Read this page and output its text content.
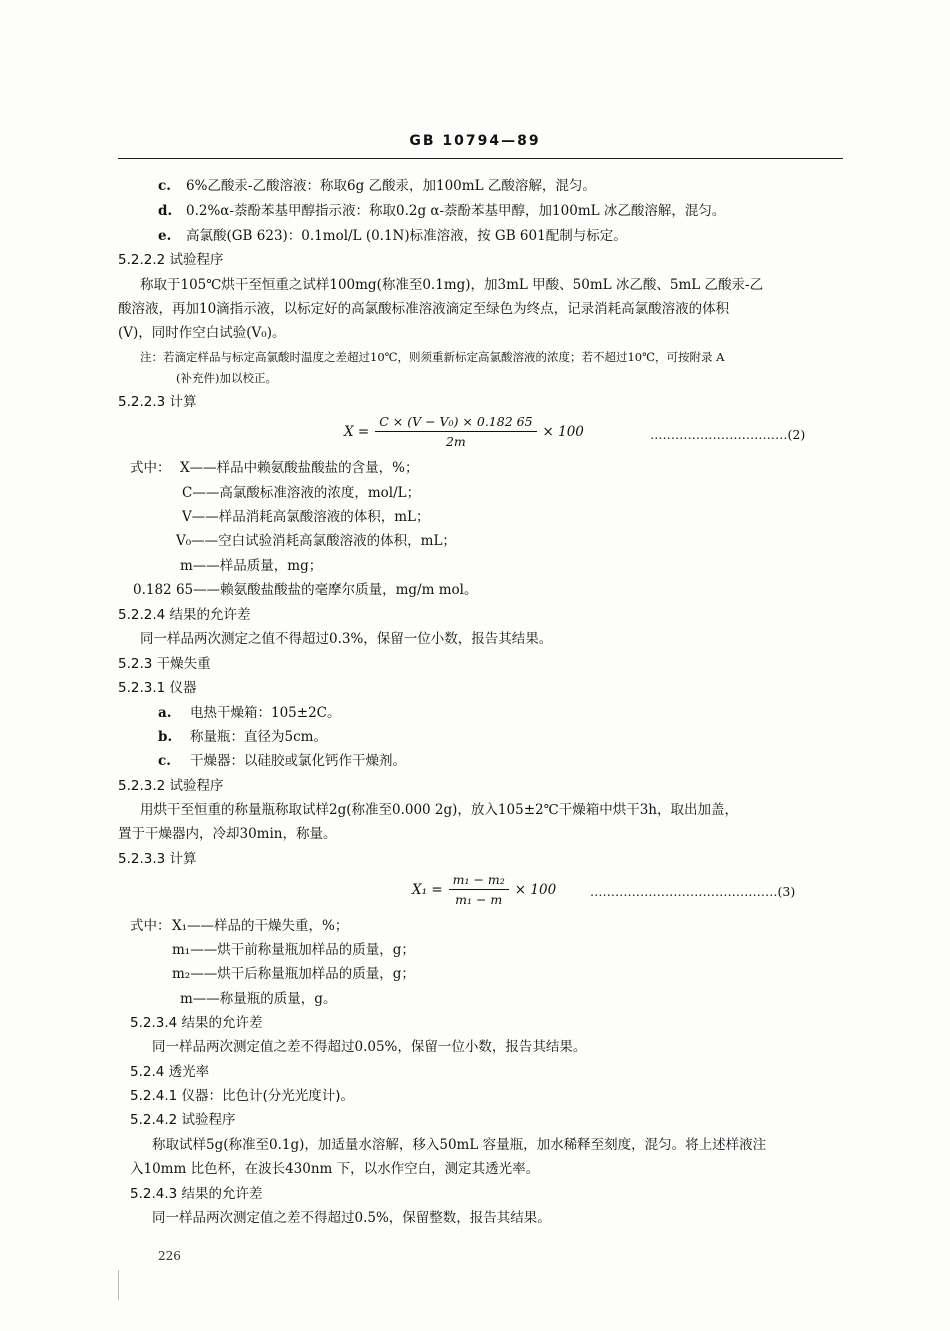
GB 10794—89
c. 6%乙酸汞-乙酸溶液：称取6g 乙酸汞，加100mL 乙酸溶解，混匀。
d. 0.2%α-萘酚苯基甲醇指示液：称取0.2g α-萘酚苯基甲醇，加100mL 冰乙酸溶解，混匀。
e. 高氯酸(GB 623)：0.1mol/L (0.1N)标准溶液，按 GB 601配制与标定。
5.2.2.2 试验程序
称取于105℃烘干至恒重之试样100mg(称准至0.1mg)，加3mL 甲酸、50mL 冰乙酸、5mL 乙酸汞-乙
酸溶液，再加10滴指示液，以标定好的高氯酸标准溶液滴定至绿色为终点，记录消耗高氯酸溶液的体积
(V)，同时作空白试验(V₀)。
注：若滴定样品与标定高氯酸时温度之差超过10℃，则须重新标定高氯酸溶液的浓度；若不超过10℃，可按附录 A
(补充件)加以校正。
5.2.2.3 计算
$X = \frac{\text{C × (V − V₀) × 0.182 65}}{2m} \times 100$	……………………………(2)
式中： X——样品中赖氨酸盐酸盐的含量，%；
C——高氯酸标准溶液的浓度，mol/L；
V——样品消耗高氯酸溶液的体积，mL；
V₀——空白试验消耗高氯酸溶液的体积，mL；
m——样品质量，mg；
0.182 65——赖氨酸盐酸盐的毫摩尔质量，mg/m mol。
5.2.2.4 结果的允许差
同一样品两次测定之值不得超过0.3%，保留一位小数，报告其结果。
5.2.3 干燥失重
5.2.3.1 仪器
a. 电热干燥箱：105±2C。
b. 称量瓶：直径为5cm。
c. 干燥器：以硅胶或氯化钙作干燥剂。
5.2.3.2 试验程序
用烘干至恒重的称量瓶称取试样2g(称准至0.000 2g)，放入105±2℃干燥箱中烘干3h，取出加盖，
置于干燥器内，冷却30min，称量。
5.2.3.3 计算
$X_1 = \frac{\text{m₁ − m₂}}{\text{m₁ − m}} \times 100$	………………………………………(3)
式中： X₁——样品的干燥失重，%；
m₁——烘干前称量瓶加样品的质量，g；
m₂——烘干后称量瓶加样品的质量，g；
m——称量瓶的质量，g。
5.2.3.4 结果的允许差
同一样品两次测定值之差不得超过0.05%，保留一位小数，报告其结果。
5.2.4 透光率
5.2.4.1 仪器：比色计(分光光度计)。
5.2.4.2 试验程序
称取试样5g(称准至0.1g)，加适量水溶解，移入50mL 容量瓶，加水稀释至刻度，混匀。将上述样液注
入10mm 比色杯，在波长430nm 下，以水作空白，测定其透光率。
5.2.4.3 结果的允许差
同一样品两次测定值之差不得超过0.5%，保留整数，报告其结果。
226
